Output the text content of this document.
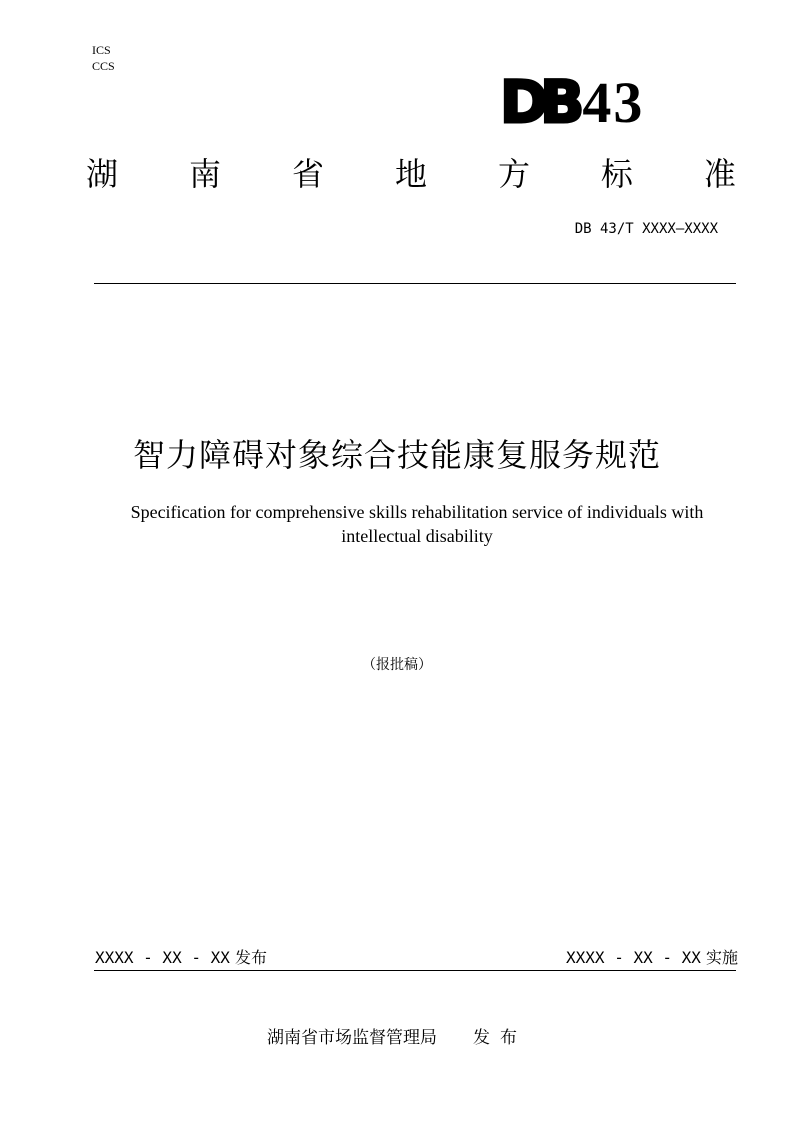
ICS
CCS
DB 43
湖 南 省 地 方 标 准
DB 43/T XXXX—XXXX
智力障碍对象综合技能康复服务规范
Specification for comprehensive skills rehabilitation service of individuals with intellectual disability
（报批稿）
XXXX - XX - XX 发布	XXXX - XX - XX 实施
湖南省市场监督管理局 发布
